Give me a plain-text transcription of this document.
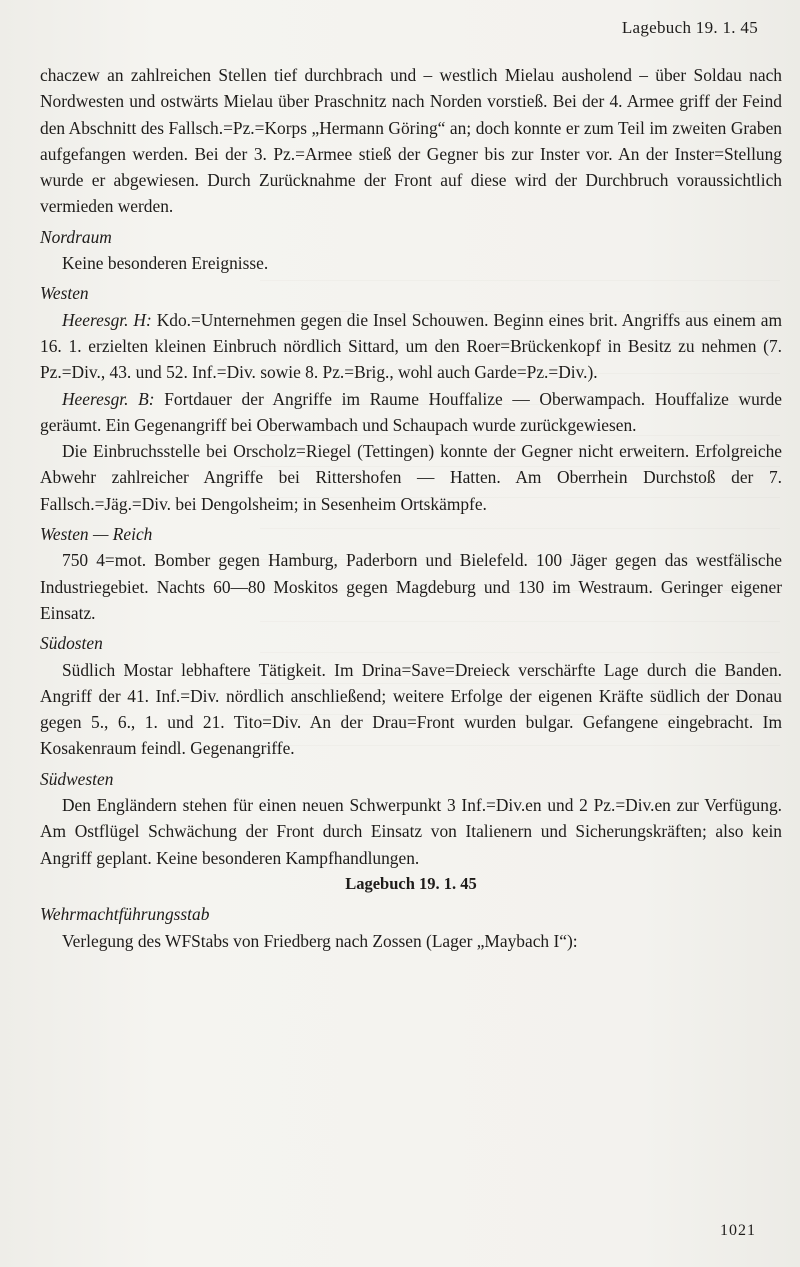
Lagebuch 19. 1. 45

chaczew an zahlreichen Stellen tief durchbrach und – westlich Mielau ausholend – über Soldau nach Nordwesten und ostwärts Mielau über Praschnitz nach Norden vorstieß. Bei der 4. Armee griff der Feind den Abschnitt des Fallsch.=Pz.=Korps „Hermann Göring“ an; doch konnte er zum Teil im zweiten Graben aufgefangen werden. Bei der 3. Pz.=Armee stieß der Gegner bis zur Inster vor. An der Inster=Stellung wurde er abgewiesen. Durch Zurücknahme der Front auf diese wird der Durchbruch voraussichtlich vermieden werden.

Nordraum

Keine besonderen Ereignisse.

Westen

Heeresgr. H: Kdo.=Unternehmen gegen die Insel Schouwen. Beginn eines brit. Angriffs aus einem am 16. 1. erzielten kleinen Einbruch nördlich Sittard, um den Roer=Brückenkopf in Besitz zu nehmen (7. Pz.=Div., 43. und 52. Inf.=Div. sowie 8. Pz.=Brig., wohl auch Garde=Pz.=Div.).

Heeresgr. B: Fortdauer der Angriffe im Raume Houffalize — Oberwampach. Houffalize wurde geräumt. Ein Gegenangriff bei Oberwambach und Schaupach wurde zurückgewiesen.

Die Einbruchsstelle bei Orscholz=Riegel (Tettingen) konnte der Gegner nicht erweitern. Erfolgreiche Abwehr zahlreicher Angriffe bei Rittershofen — Hatten. Am Oberrhein Durchstoß der 7. Fallsch.=Jäg.=Div. bei Dengolsheim; in Sesenheim Ortskämpfe.

Westen — Reich

750 4=mot. Bomber gegen Hamburg, Paderborn und Bielefeld. 100 Jäger gegen das westfälische Industriegebiet. Nachts 60—80 Moskitos gegen Magdeburg und 130 im Westraum. Geringer eigener Einsatz.

Südosten

Südlich Mostar lebhaftere Tätigkeit. Im Drina=Save=Dreieck verschärfte Lage durch die Banden. Angriff der 41. Inf.=Div. nördlich anschließend; weitere Erfolge der eigenen Kräfte südlich der Donau gegen 5., 6., 1. und 21. Tito=Div. An der Drau=Front wurden bulgar. Gefangene eingebracht. Im Kosakenraum feindl. Gegenangriffe.

Südwesten

Den Engländern stehen für einen neuen Schwerpunkt 3 Inf.=Div.en und 2 Pz.=Div.en zur Verfügung. Am Ostflügel Schwächung der Front durch Einsatz von Italienern und Sicherungskräften; also kein Angriff geplant. Keine besonderen Kampfhandlungen.

Lagebuch 19. 1. 45

Wehrmachtführungsstab

Verlegung des WFStabs von Friedberg nach Zossen (Lager „Maybach I“):

1021
